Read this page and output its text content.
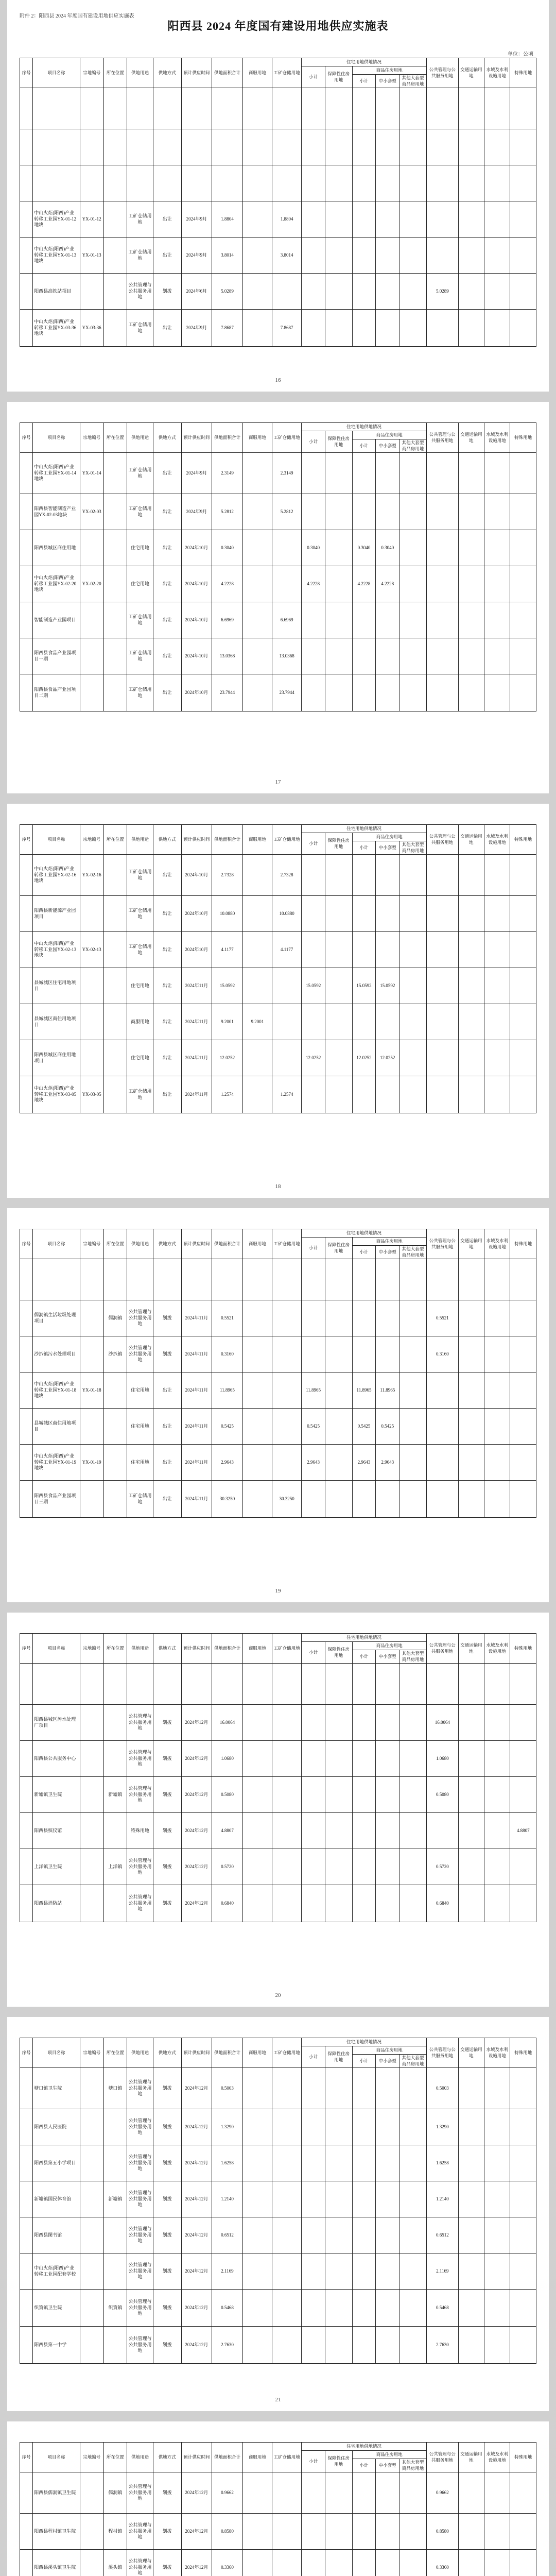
附件 2：阳西县 2024 年度国有建设用地供应实施表
阳西县 2024 年度国有建设用地供应实施表
单位：公顷
序号	项目名称	宗地编号	所在位置	供地用途	供地方式	预计供应时间	供地面积合计	商服用地	工矿仓储用地	住宅用地供地情况					公共管理与公共服务用地	交通运输用地	水域及水利设施用地	特殊用地
										小计	保障性住房用地	商品住房用地						
												小计	中小套型	其他大套型商品房用地				

	中山火炬(阳西)产业转移工业园YX-01-12地块	YX-01-12		工矿仓储用地	出让	2024年9月	1.8804		1.8804									
	中山火炬(阳西)产业转移工业园YX-01-13地块	YX-01-13		工矿仓储用地	出让	2024年9月	3.8014		3.8014									
	阳西县高铁站项目			公共管理与公共服务用地	划拨	2024年6月	5.0289								5.0289			
	中山火炬(阳西)产业转移工业园YX-03-36地块	YX-03-36		工矿仓储用地	出让	2024年9月	7.8687		7.8687									
16
序号	项目名称	宗地编号	所在位置	供地用途	供地方式	预计供应时间	供地面积合计	商服用地	工矿仓储用地	住宅用地供地情况					公共管理与公共服务用地	交通运输用地	水域及水利设施用地	特殊用地
										小计	保障性住房用地	商品住房用地						
												小计	中小套型	其他大套型商品房用地				
	中山火炬(阳西)产业转移工业园YX-01-14地块	YX-01-14		工矿仓储用地	出让	2024年9月	2.3149		2.3149									
	阳西县智能制造产业园YX-02-03地块	YX-02-03		工矿仓储用地	出让	2024年9月	5.2812		5.2812									
	阳西县城区商住用地			住宅用地	出让	2024年10月	0.3040			0.3040		0.3040	0.3040					
	中山火炬(阳西)产业转移工业园YX-02-20地块	YX-02-20		住宅用地	出让	2024年10月	4.2228			4.2228		4.2228	4.2228					
	智能制造产业园项目			工矿仓储用地	出让	2024年10月	6.6969		6.6969									
	阳西县食品产业园项目一期			工矿仓储用地	出让	2024年10月	13.0368		13.0368									
	阳西县食品产业园项目二期			工矿仓储用地	出让	2024年10月	23.7944		23.7944									
17
序号	项目名称	宗地编号	所在位置	供地用途	供地方式	预计供应时间	供地面积合计	商服用地	工矿仓储用地	住宅用地供地情况					公共管理与公共服务用地	交通运输用地	水域及水利设施用地	特殊用地
										小计	保障性住房用地	商品住房用地						
												小计	中小套型	其他大套型商品房用地				
	中山火炬(阳西)产业转移工业园YX-02-16地块	YX-02-16		工矿仓储用地	出让	2024年10月	2.7328		2.7328									
	阳西县新能源产业园项目			工矿仓储用地	出让	2024年10月	10.0880		10.0880									
	中山火炬(阳西)产业转移工业园YX-02-13地块	YX-02-13		工矿仓储用地	出让	2024年10月	4.1177		4.1177									
	县城城区住宅用地项目			住宅用地	出让	2024年11月	15.0592			15.0592		15.0592	15.0592					
	县城城区商住用地项目			商服用地	出让	2024年11月	9.2001	9.2001										
	阳西县城区商住用地项目			住宅用地	出让	2024年11月	12.0252			12.0252		12.0252	12.0252					
	中山火炬(阳西)产业转移工业园YX-03-05地块	YX-03-05		工矿仓储用地	出让	2024年11月	1.2574		1.2574									
18
序号	项目名称	宗地编号	所在位置	供地用途	供地方式	预计供应时间	供地面积合计	商服用地	工矿仓储用地	住宅用地供地情况					公共管理与公共服务用地	交通运输用地	水域及水利设施用地	特殊用地
										小计	保障性住房用地	商品住房用地						
												小计	中小套型	其他大套型商品房用地				

	儒洞镇生活垃圾处理项目		儒洞镇	公共管理与公共服务用地	划拨	2024年11月	0.5521								0.5521			
	沙扒镇污水处理项目		沙扒镇	公共管理与公共服务用地	划拨	2024年11月	0.3160								0.3160			
	中山火炬(阳西)产业转移工业园YX-01-18地块	YX-01-18		住宅用地	出让	2024年11月	11.8965			11.8965		11.8965	11.8965					
	县城城区商住用地项目			住宅用地	出让	2024年11月	0.5425			0.5425		0.5425	0.5425					
	中山火炬(阳西)产业转移工业园YX-01-19地块	YX-01-19		住宅用地	出让	2024年11月	2.9643			2.9643		2.9643	2.9643					
	阳西县食品产业园项目三期			工矿仓储用地	出让	2024年11月	30.3250		30.3250									
19
序号	项目名称	宗地编号	所在位置	供地用途	供地方式	预计供应时间	供地面积合计	商服用地	工矿仓储用地	住宅用地供地情况					公共管理与公共服务用地	交通运输用地	水域及水利设施用地	特殊用地
										小计	保障性住房用地	商品住房用地						
												小计	中小套型	其他大套型商品房用地				

	阳西县城区污水处理厂项目			公共管理与公共服务用地	划拨	2024年12月	16.0064								16.0064			
	阳西县公共服务中心			公共管理与公共服务用地	划拨	2024年12月	1.0680								1.0680			
	新墟镇卫生院		新墟镇	公共管理与公共服务用地	划拨	2024年12月	0.5080								0.5080			
	阳西县殡仪馆			特殊用地	划拨	2024年12月	4.8807											4.8807
	上洋镇卫生院		上洋镇	公共管理与公共服务用地	划拨	2024年12月	0.5720								0.5720			
	阳西县消防站			公共管理与公共服务用地	划拨	2024年12月	0.6840								0.6840			
20
序号	项目名称	宗地编号	所在位置	供地用途	供地方式	预计供应时间	供地面积合计	商服用地	工矿仓储用地	住宅用地供地情况					公共管理与公共服务用地	交通运输用地	水域及水利设施用地	特殊用地
										小计	保障性住房用地	商品住房用地						
												小计	中小套型	其他大套型商品房用地				
	塘口镇卫生院		塘口镇	公共管理与公共服务用地	划拨	2024年12月	0.5003								0.5003			
	阳西县人民医院			公共管理与公共服务用地	划拨	2024年12月	1.3290								1.3290			
	阳西县第五小学项目			公共管理与公共服务用地	划拨	2024年12月	1.6258								1.6258			
	新墟镇国民体育馆		新墟镇	公共管理与公共服务用地	划拨	2024年12月	1.2140								1.2140			
	阳西县图书馆			公共管理与公共服务用地	划拨	2024年12月	0.6512								0.6512			
	中山火炬(阳西)产业转移工业园配套学校			公共管理与公共服务用地	划拨	2024年12月	2.1169								2.1169			
	织篢镇卫生院		织篢镇	公共管理与公共服务用地	划拨	2024年12月	0.5468								0.5468			
	阳西县第一中学			公共管理与公共服务用地	划拨	2024年12月	2.7630								2.7630			
21
序号	项目名称	宗地编号	所在位置	供地用途	供地方式	预计供应时间	供地面积合计	商服用地	工矿仓储用地	住宅用地供地情况					公共管理与公共服务用地	交通运输用地	水域及水利设施用地	特殊用地
										小计	保障性住房用地	商品住房用地						
												小计	中小套型	其他大套型商品房用地				
	阳西县儒洞镇卫生院		儒洞镇	公共管理与公共服务用地	划拨	2024年12月	0.9662								0.9662			
	阳西县程村镇卫生院		程村镇	公共管理与公共服务用地	划拨	2024年12月	0.8580								0.8580			
	阳西县溪头镇卫生院		溪头镇	公共管理与公共服务用地	划拨	2024年12月	0.3360								0.3360			
